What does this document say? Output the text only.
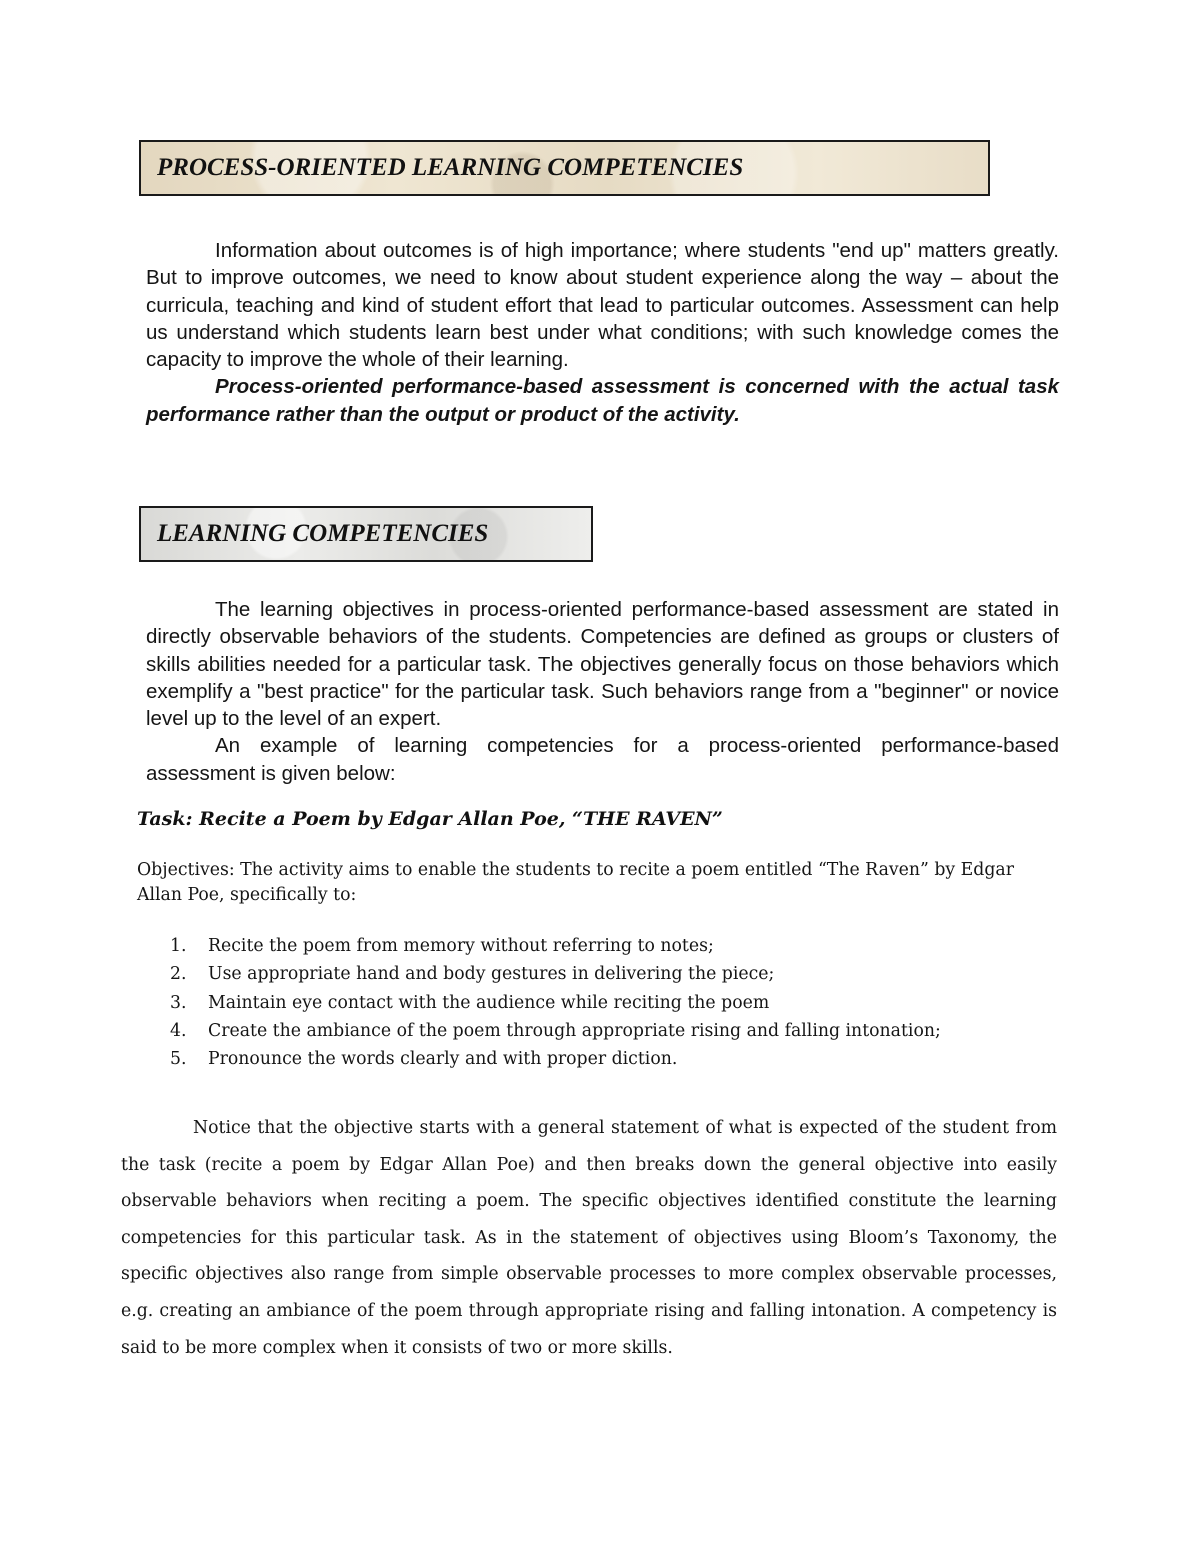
PROCESS-ORIENTED LEARNING COMPETENCIES

Information about outcomes is of high importance; where students "end up" matters greatly. But to improve outcomes, we need to know about student experience along the way – about the curricula, teaching and kind of student effort that lead to particular outcomes. Assessment can help us understand which students learn best under what conditions; with such knowledge comes the capacity to improve the whole of their learning.

Process-oriented performance-based assessment is concerned with the actual task performance rather than the output or product of the activity.

LEARNING COMPETENCIES

The learning objectives in process-oriented performance-based assessment are stated in directly observable behaviors of the students. Competencies are defined as groups or clusters of skills abilities needed for a particular task. The objectives generally focus on those behaviors which exemplify a "best practice" for the particular task. Such behaviors range from a "beginner" or novice level up to the level of an expert.

An example of learning competencies for a process-oriented performance-based assessment is given below:

Task: Recite a Poem by Edgar Allan Poe, “THE RAVEN”
Objectives: The activity aims to enable the students to recite a poem entitled “The Raven” by Edgar Allan Poe, specifically to:
1.	Recite the poem from memory without referring to notes;
2.	Use appropriate hand and body gestures in delivering the piece;
3.	Maintain eye contact with the audience while reciting the poem
4.	Create the ambiance of the poem through appropriate rising and falling intonation;
5.	Pronounce the words clearly and with proper diction.

Notice that the objective starts with a general statement of what is expected of the student from the task (recite a poem by Edgar Allan Poe) and then breaks down the general objective into easily observable behaviors when reciting a poem. The specific objectives identified constitute the learning competencies for this particular task. As in the statement of objectives using Bloom’s Taxonomy, the specific objectives also range from simple observable processes to more complex observable processes, e.g. creating an ambiance of the poem through appropriate rising and falling intonation. A competency is said to be more complex when it consists of two or more skills.
